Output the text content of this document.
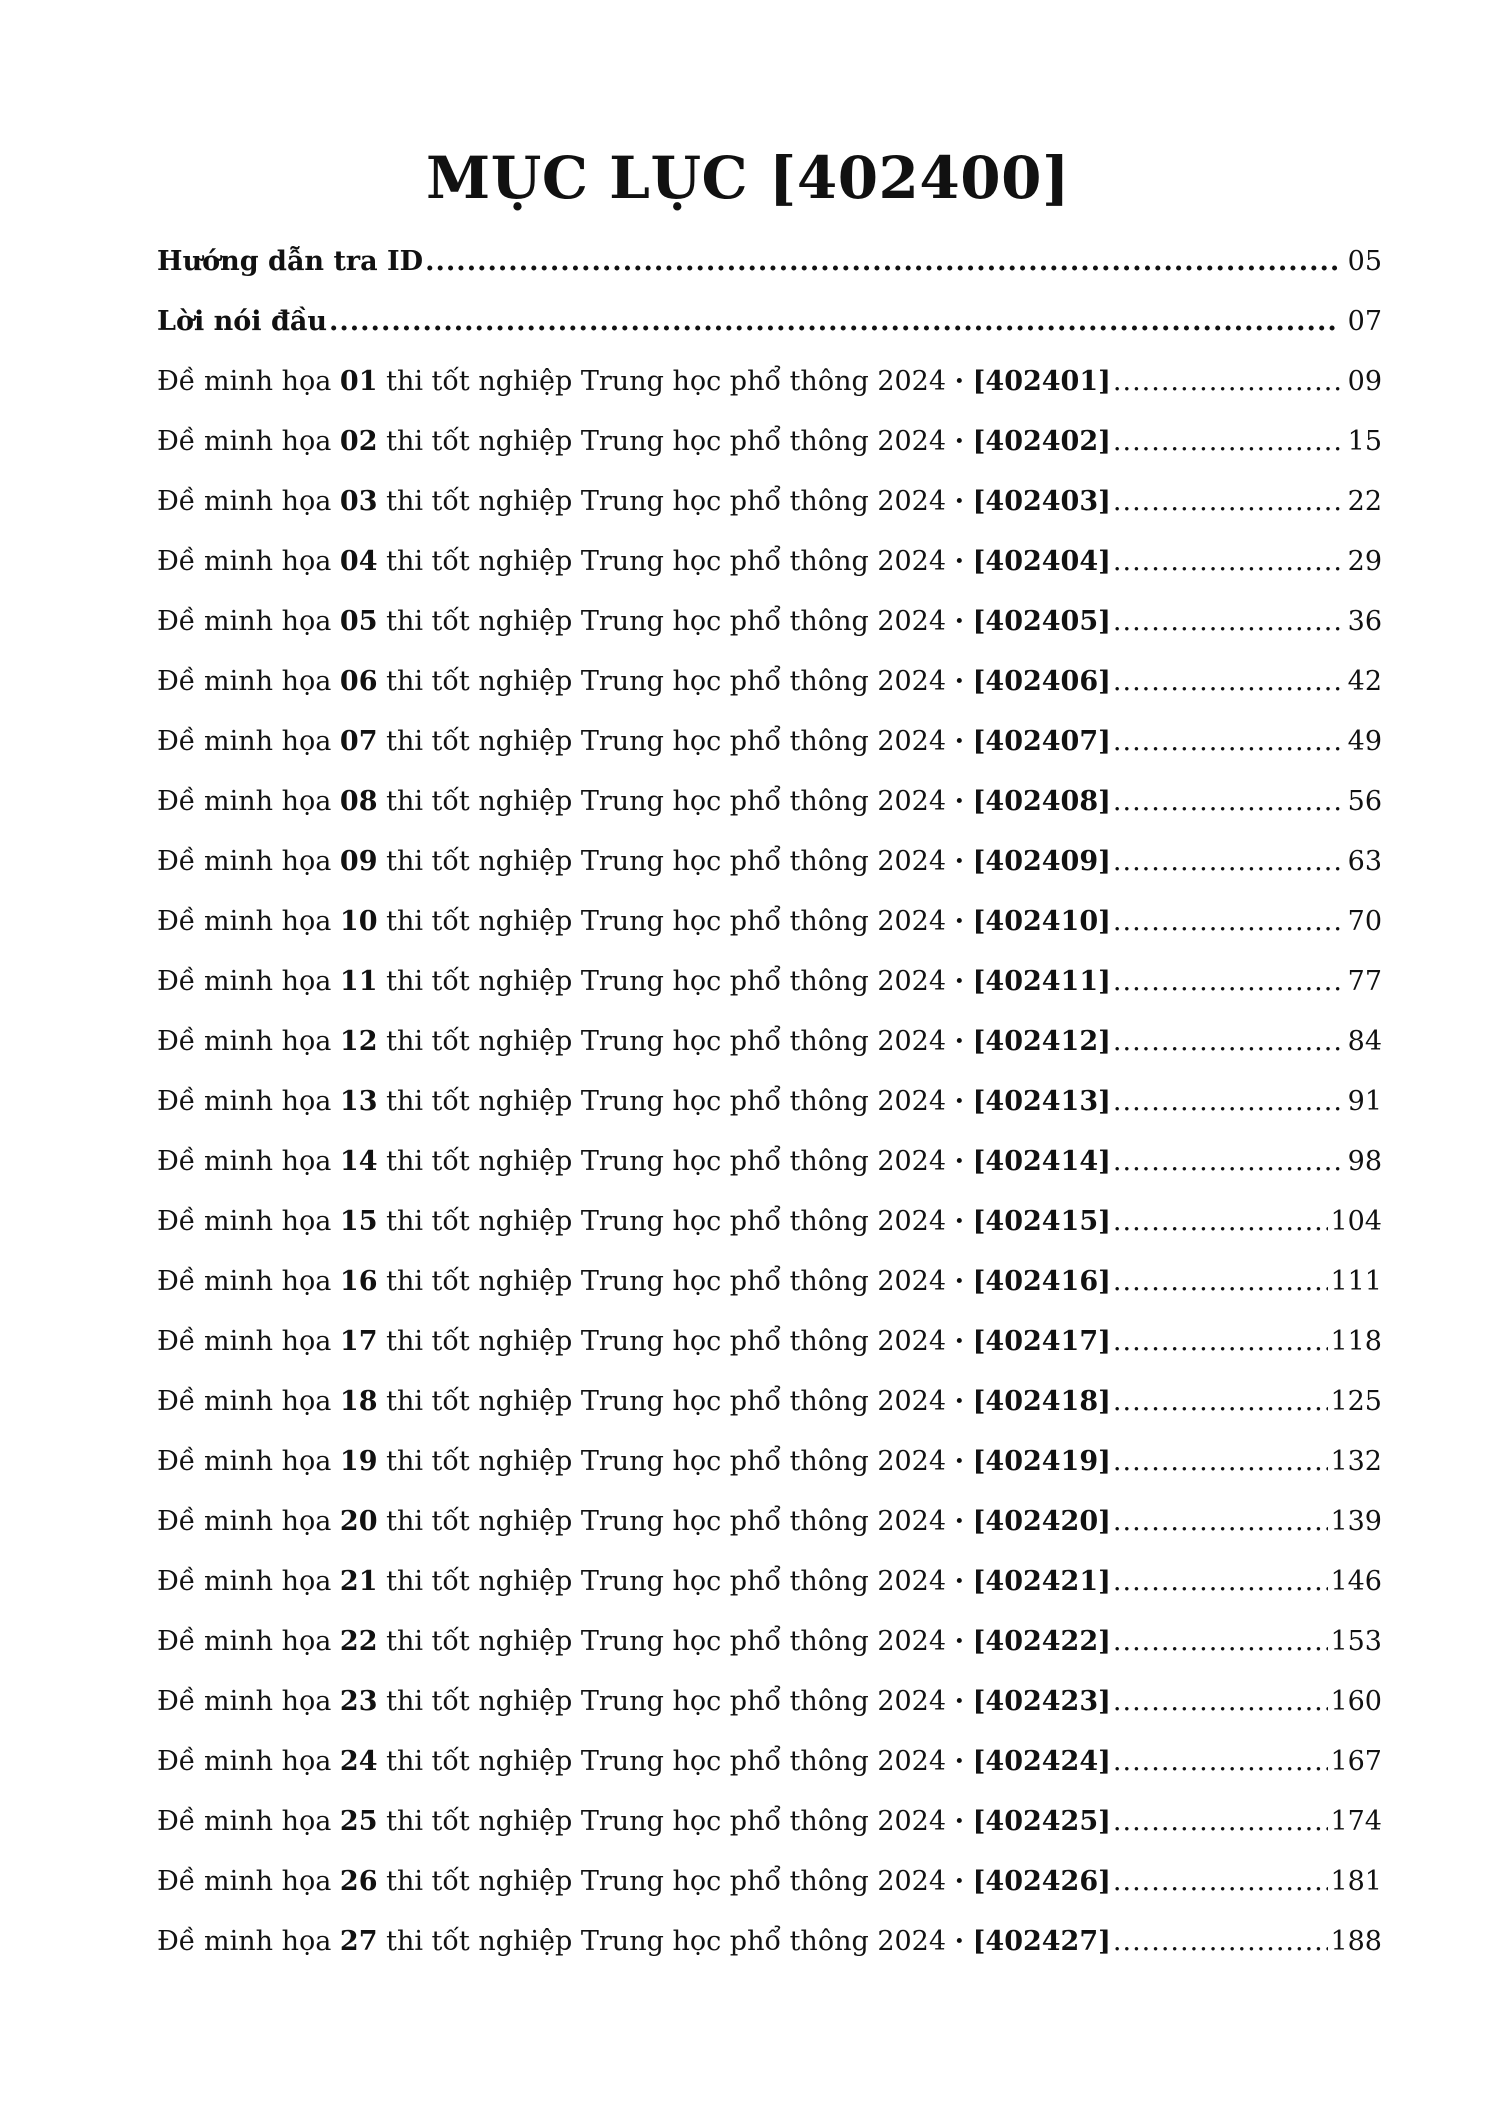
MỤC LỤC [402400]
Hướng dẫn tra ID .....	05
Lời nói đầu .....	07
Đề minh họa 01 thi tốt nghiệp Trung học phổ thông 2024 · [402401] .....	09
Đề minh họa 02 thi tốt nghiệp Trung học phổ thông 2024 · [402402] .....	15
Đề minh họa 03 thi tốt nghiệp Trung học phổ thông 2024 · [402403] .....	22
Đề minh họa 04 thi tốt nghiệp Trung học phổ thông 2024 · [402404] .....	29
Đề minh họa 05 thi tốt nghiệp Trung học phổ thông 2024 · [402405] .....	36
Đề minh họa 06 thi tốt nghiệp Trung học phổ thông 2024 · [402406] .....	42
Đề minh họa 07 thi tốt nghiệp Trung học phổ thông 2024 · [402407] .....	49
Đề minh họa 08 thi tốt nghiệp Trung học phổ thông 2024 · [402408] .....	56
Đề minh họa 09 thi tốt nghiệp Trung học phổ thông 2024 · [402409] .....	63
Đề minh họa 10 thi tốt nghiệp Trung học phổ thông 2024 · [402410] .....	70
Đề minh họa 11 thi tốt nghiệp Trung học phổ thông 2024 · [402411] .....	77
Đề minh họa 12 thi tốt nghiệp Trung học phổ thông 2024 · [402412] .....	84
Đề minh họa 13 thi tốt nghiệp Trung học phổ thông 2024 · [402413] .....	91
Đề minh họa 14 thi tốt nghiệp Trung học phổ thông 2024 · [402414] .....	98
Đề minh họa 15 thi tốt nghiệp Trung học phổ thông 2024 · [402415] .....	104
Đề minh họa 16 thi tốt nghiệp Trung học phổ thông 2024 · [402416] .....	111
Đề minh họa 17 thi tốt nghiệp Trung học phổ thông 2024 · [402417] .....	118
Đề minh họa 18 thi tốt nghiệp Trung học phổ thông 2024 · [402418] .....	125
Đề minh họa 19 thi tốt nghiệp Trung học phổ thông 2024 · [402419] .....	132
Đề minh họa 20 thi tốt nghiệp Trung học phổ thông 2024 · [402420] .....	139
Đề minh họa 21 thi tốt nghiệp Trung học phổ thông 2024 · [402421] .....	146
Đề minh họa 22 thi tốt nghiệp Trung học phổ thông 2024 · [402422] .....	153
Đề minh họa 23 thi tốt nghiệp Trung học phổ thông 2024 · [402423] .....	160
Đề minh họa 24 thi tốt nghiệp Trung học phổ thông 2024 · [402424] .....	167
Đề minh họa 25 thi tốt nghiệp Trung học phổ thông 2024 · [402425] .....	174
Đề minh họa 26 thi tốt nghiệp Trung học phổ thông 2024 · [402426] .....	181
Đề minh họa 27 thi tốt nghiệp Trung học phổ thông 2024 · [402427] .....	188
